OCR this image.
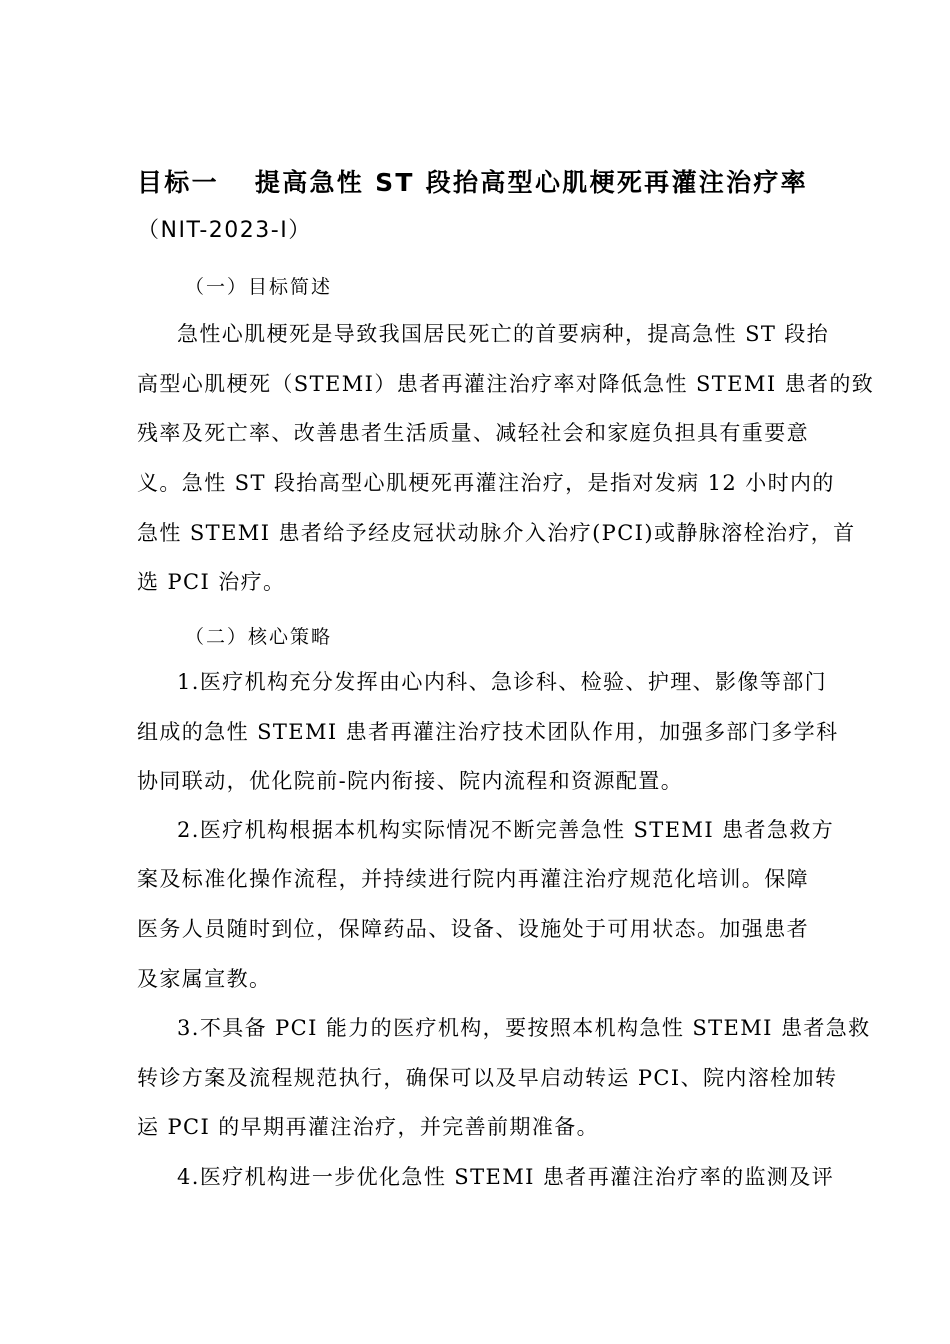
目标一 提高急性 ST 段抬高型心肌梗死再灌注治疗率
（NIT-2023-Ⅰ）
（一）目标简述
急性心肌梗死是导致我国居民死亡的首要病种，提高急性 ST 段抬
高型心肌梗死（STEMI）患者再灌注治疗率对降低急性 STEMI 患者的致
残率及死亡率、改善患者生活质量、减轻社会和家庭负担具有重要意
义。急性 ST 段抬高型心肌梗死再灌注治疗，是指对发病 12 小时内的
急性 STEMI 患者给予经皮冠状动脉介入治疗(PCI)或静脉溶栓治疗，首
选 PCI 治疗。
（二）核心策略
1.医疗机构充分发挥由心内科、急诊科、检验、护理、影像等部门
组成的急性 STEMI 患者再灌注治疗技术团队作用，加强多部门多学科
协同联动，优化院前-院内衔接、院内流程和资源配置。
2.医疗机构根据本机构实际情况不断完善急性 STEMI 患者急救方
案及标准化操作流程，并持续进行院内再灌注治疗规范化培训。保障
医务人员随时到位，保障药品、设备、设施处于可用状态。加强患者
及家属宣教。
3.不具备 PCI 能力的医疗机构，要按照本机构急性 STEMI 患者急救
转诊方案及流程规范执行，确保可以及早启动转运 PCI、院内溶栓加转
运 PCI 的早期再灌注治疗，并完善前期准备。
4.医疗机构进一步优化急性 STEMI 患者再灌注治疗率的监测及评
